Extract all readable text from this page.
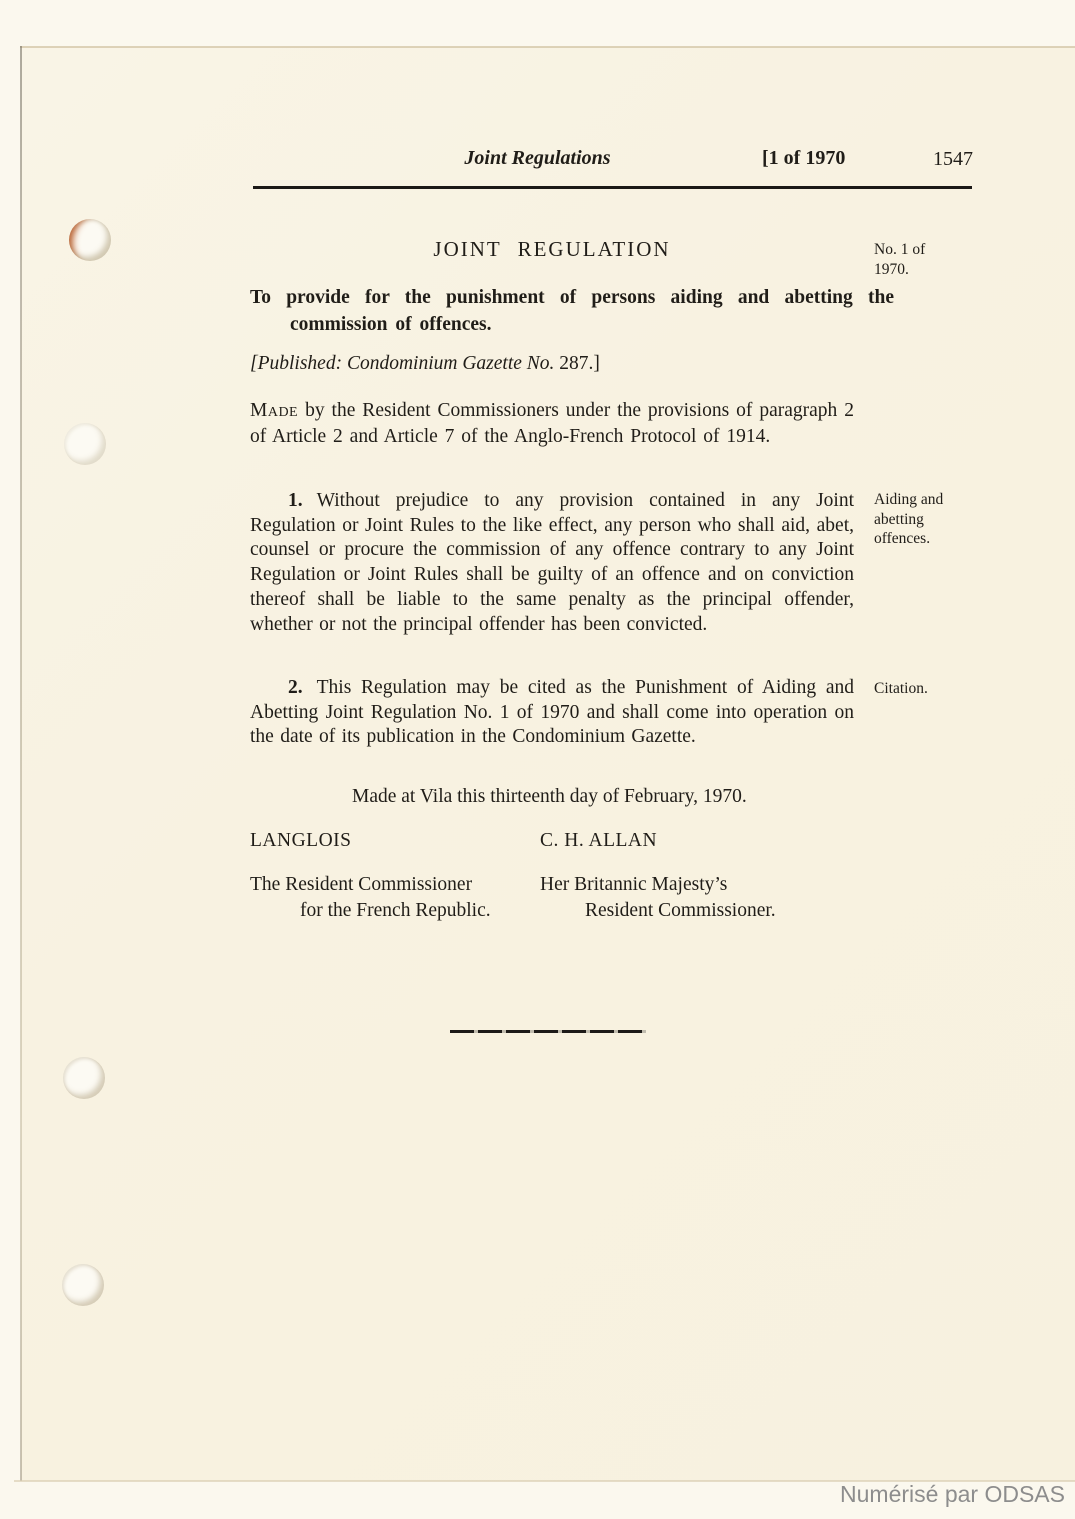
Joint Regulations	[1 of 1970	1547
JOINT REGULATION	No. 1 of 1970.
To provide for the punishment of persons aiding and abetting the commission of offences.
[Published: Condominium Gazette No. 287.]
Made by the Resident Commissioners under the provisions of paragraph 2 of Article 2 and Article 7 of the Anglo-French Protocol of 1914.
1. Without prejudice to any provision contained in any Joint Regulation or Joint Rules to the like effect, any person who shall aid, abet, counsel or procure the commission of any offence contrary to any Joint Regulation or Joint Rules shall be guilty of an offence and on conviction thereof shall be liable to the same penalty as the principal offender, whether or not the principal offender has been convicted.
Aiding and abetting offences.
2. This Regulation may be cited as the Punishment of Aiding and Abetting Joint Regulation No. 1 of 1970 and shall come into operation on the date of its publication in the Condominium Gazette.
Citation.
Made at Vila this thirteenth day of February, 1970.
LANGLOIS	C. H. ALLAN
The Resident Commissioner
for the French Republic.
Her Britannic Majesty’s
Resident Commissioner.
Numérisé par ODSAS
